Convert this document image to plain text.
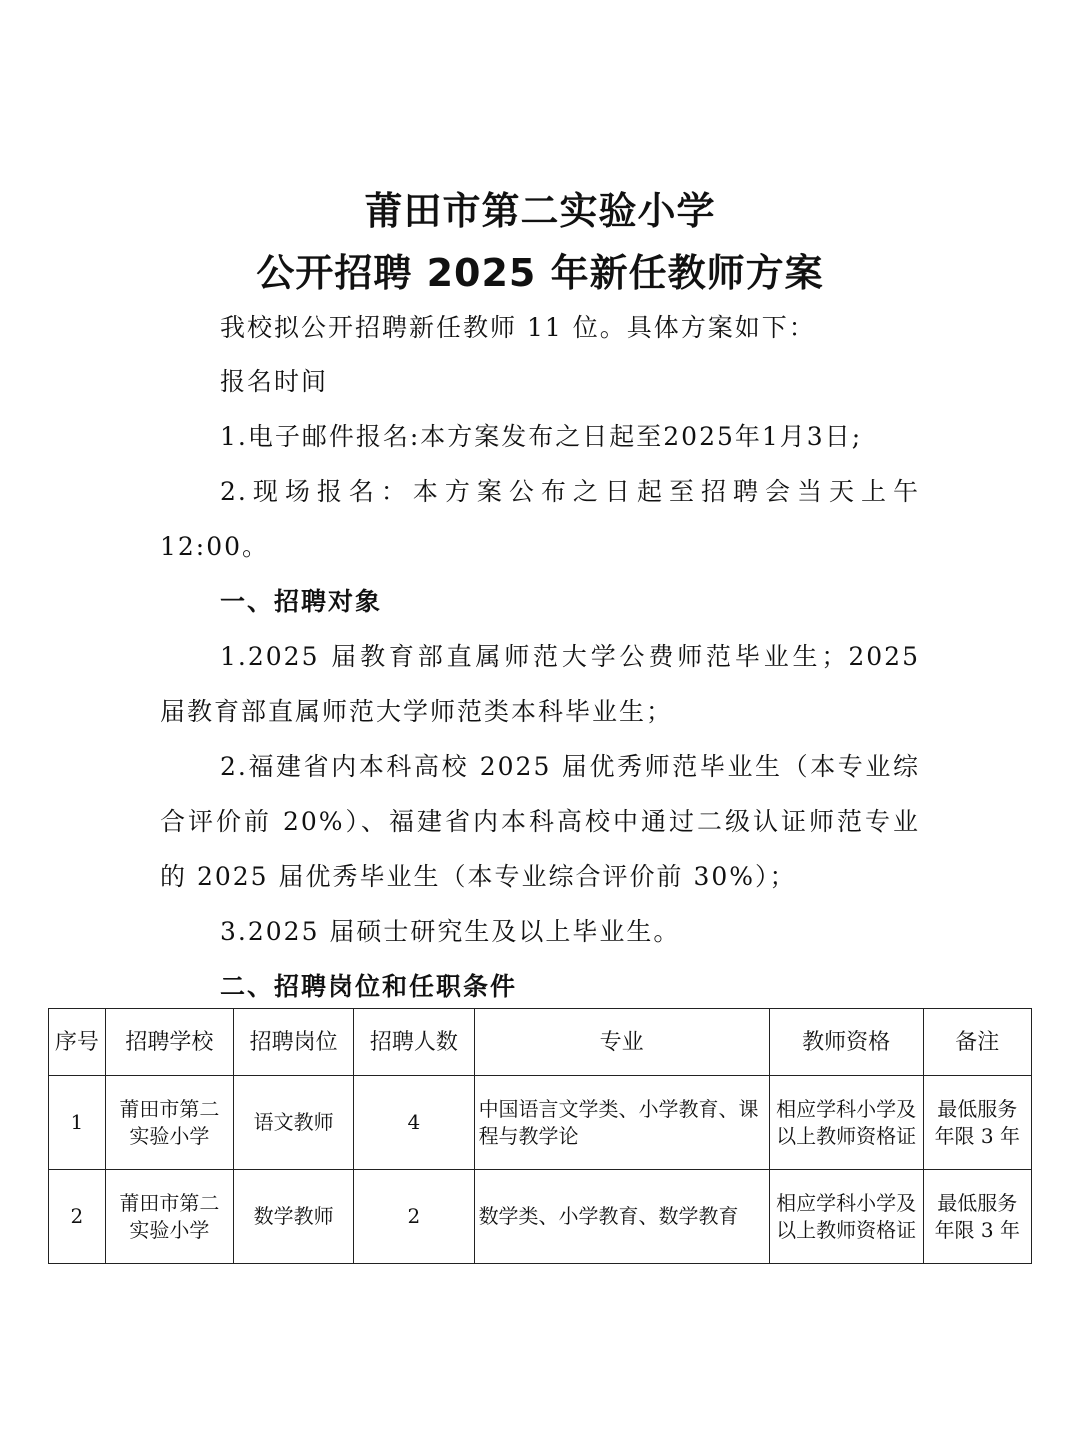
莆田市第二实验小学
公开招聘 2025 年新任教师方案
我校拟公开招聘新任教师 11 位。具体方案如下：
报名时间
1.电子邮件报名:本方案发布之日起至2025年1月3日;
2.现场报名：本方案公布之日起至招聘会当天上午12:00。
一、招聘对象
1.2025 届教育部直属师范大学公费师范毕业生；2025 届教育部直属师范大学师范类本科毕业生；
2.福建省内本科高校 2025 届优秀师范毕业生（本专业综合评价前 20%）、福建省内本科高校中通过二级认证师范专业的 2025 届优秀毕业生（本专业综合评价前 30%）；
3.2025 届硕士研究生及以上毕业生。
二、招聘岗位和任职条件
序号	招聘学校	招聘岗位	招聘人数	专业	教师资格	备注
1	莆田市第二实验小学	语文教师	4	中国语言文学类、小学教育、课程与教学论	相应学科小学及以上教师资格证	最低服务年限 3 年
2	莆田市第二实验小学	数学教师	2	数学类、小学教育、数学教育	相应学科小学及以上教师资格证	最低服务年限 3 年
